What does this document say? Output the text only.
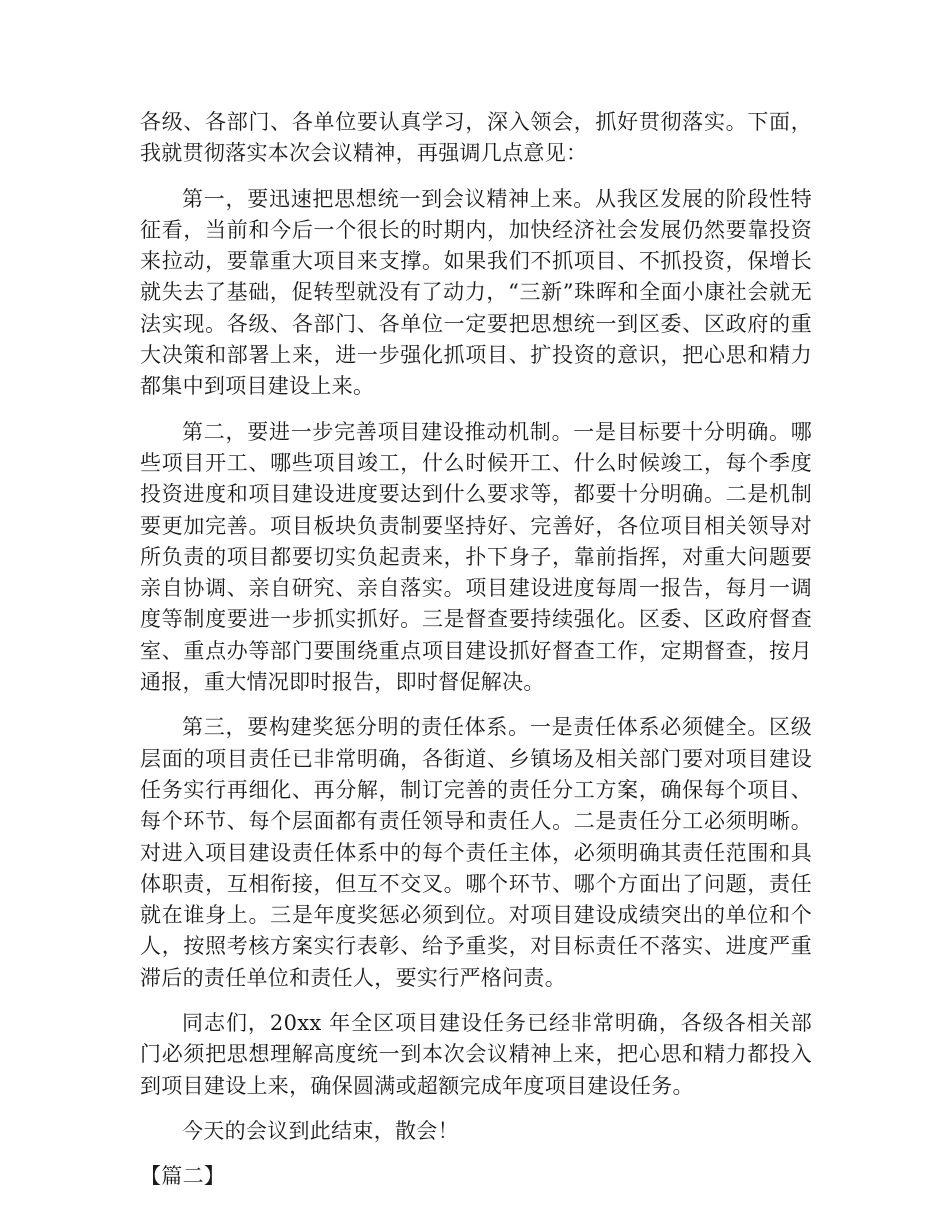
各级、各部门、各单位要认真学习，深入领会，抓好贯彻落实。下面，我就贯彻落实本次会议精神，再强调几点意见：

第一，要迅速把思想统一到会议精神上来。从我区发展的阶段性特征看，当前和今后一个很长的时期内，加快经济社会发展仍然要靠投资来拉动，要靠重大项目来支撑。如果我们不抓项目、不抓投资，保增长就失去了基础，促转型就没有了动力，“三新”珠晖和全面小康社会就无法实现。各级、各部门、各单位一定要把思想统一到区委、区政府的重大决策和部署上来，进一步强化抓项目、扩投资的意识，把心思和精力都集中到项目建设上来。

第二，要进一步完善项目建设推动机制。一是目标要十分明确。哪些项目开工、哪些项目竣工，什么时候开工、什么时候竣工，每个季度投资进度和项目建设进度要达到什么要求等，都要十分明确。二是机制要更加完善。项目板块负责制要坚持好、完善好，各位项目相关领导对所负责的项目都要切实负起责来，扑下身子，靠前指挥，对重大问题要亲自协调、亲自研究、亲自落实。项目建设进度每周一报告，每月一调度等制度要进一步抓实抓好。三是督查要持续强化。区委、区政府督查室、重点办等部门要围绕重点项目建设抓好督查工作，定期督查，按月通报，重大情况即时报告，即时督促解决。

第三，要构建奖惩分明的责任体系。一是责任体系必须健全。区级层面的项目责任已非常明确，各街道、乡镇场及相关部门要对项目建设任务实行再细化、再分解，制订完善的责任分工方案，确保每个项目、每个环节、每个层面都有责任领导和责任人。二是责任分工必须明晰。对进入项目建设责任体系中的每个责任主体，必须明确其责任范围和具体职责，互相衔接，但互不交叉。哪个环节、哪个方面出了问题，责任就在谁身上。三是年度奖惩必须到位。对项目建设成绩突出的单位和个人，按照考核方案实行表彰、给予重奖，对目标责任不落实、进度严重滞后的责任单位和责任人，要实行严格问责。

同志们，20xx 年全区项目建设任务已经非常明确，各级各相关部门必须把思想理解高度统一到本次会议精神上来，把心思和精力都投入到项目建设上来，确保圆满或超额完成年度项目建设任务。

今天的会议到此结束，散会！

【篇二】
